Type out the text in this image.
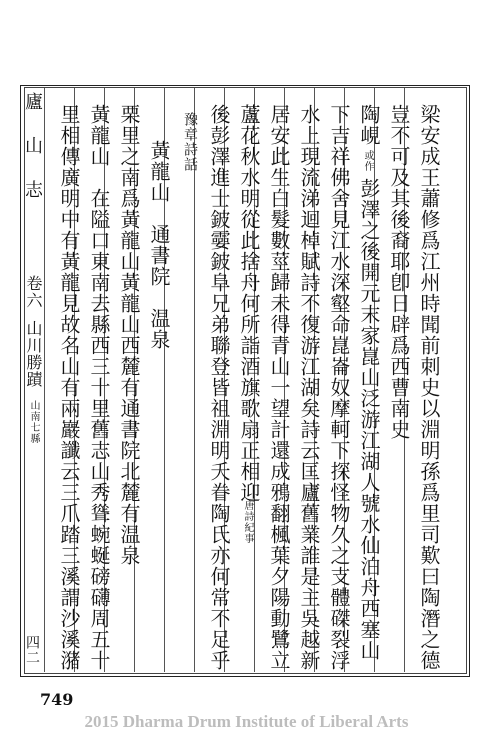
廬山志
卷六
山川勝蹟
山南七縣
四二	梁安成王蕭修爲江州時聞前刺史以淵明孫爲里司歎曰陶潛之德
豈不可及其後裔耶卽日辟爲西曹南史
陶峴
或作
彭澤之後開元末家崑山泛游江湖人號水仙泊舟西塞山
下吉祥佛舍見江水深壑命崑崙奴摩軻下探怪物久之支體磔裂浮
水上現流涕迴棹賦詩不復游江湖矣詩云匡廬舊業誰是主吳越新
居安此生白髮數莖歸未得青山一望計還成鴉翻楓葉夕陽動鷺立
蘆花秋水明從此捨舟何所詣酒旗歌扇正相迎
唐詩紀事
後彭澤進士鈹孁鈹阜兄弟聯登皆祖淵明夭眷陶氏亦何常不足乎
豫章詩話
黃龍山　通書院　温泉
栗里之南爲黃龍山黃龍山西麓有通書院北麓有温泉
黃龍山　在隘口東南去縣西三十里舊志山秀聳蜿蜒磅礴周五十
里相傳廣明中有黃龍見故名山有兩巖讖云三爪踏三溪謂沙溪潴
749
2015 Dharma Drum Institute of Liberal Arts
